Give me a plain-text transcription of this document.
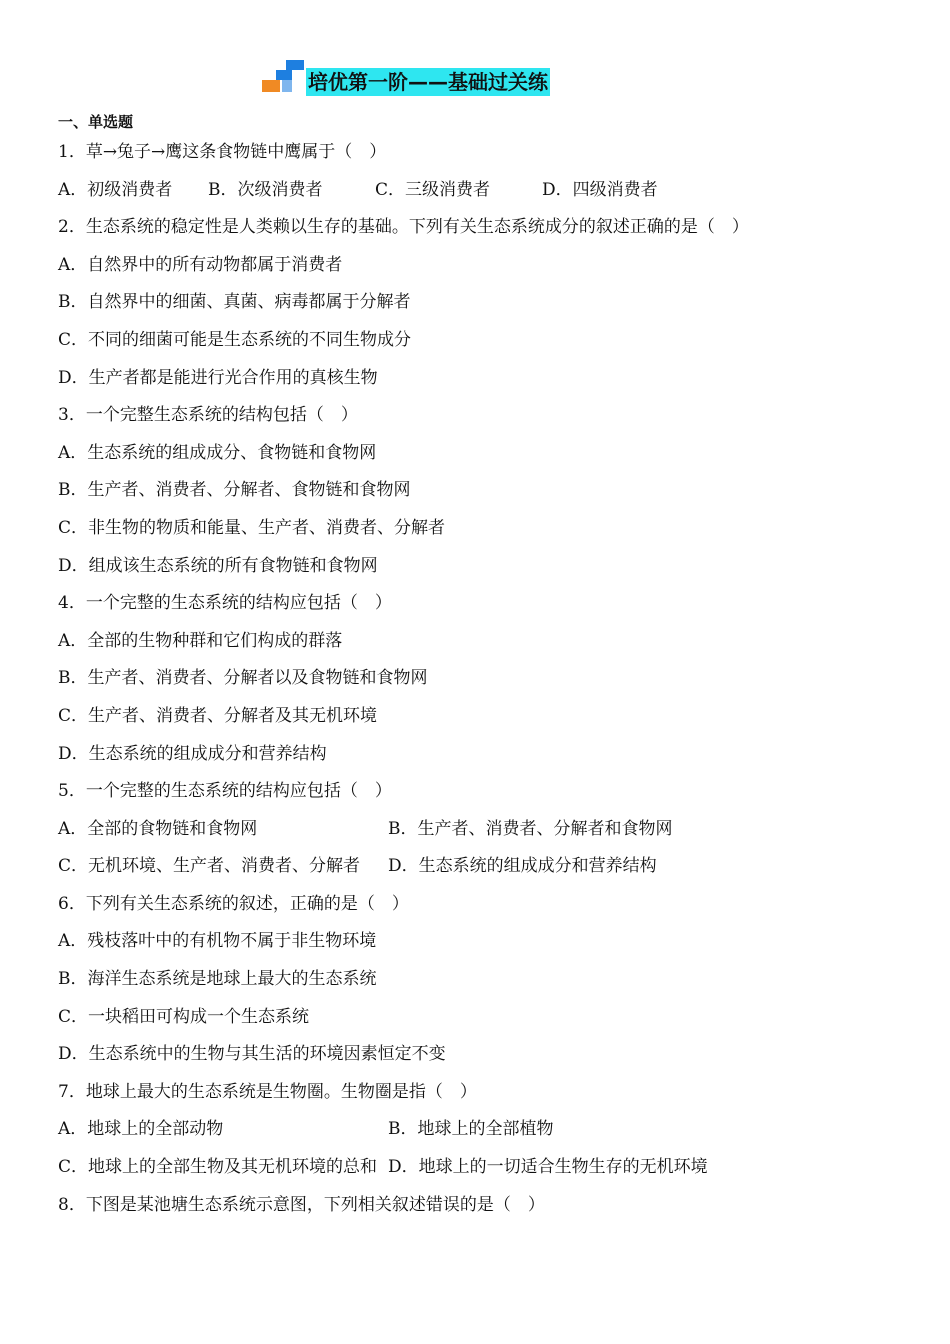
培优第一阶——基础过关练
一、单选题
1．草→兔子→鹰这条食物链中鹰属于（　）
A．初级消费者 B．次级消费者	C．三级消费者	D．四级消费者
2．生态系统的稳定性是人类赖以生存的基础。下列有关生态系统成分的叙述正确的是（　）
A．自然界中的所有动物都属于消费者
B．自然界中的细菌、真菌、病毒都属于分解者
C．不同的细菌可能是生态系统的不同生物成分
D．生产者都是能进行光合作用的真核生物
3．一个完整生态系统的结构包括（　）
A．生态系统的组成成分、食物链和食物网
B．生产者、消费者、分解者、食物链和食物网
C．非生物的物质和能量、生产者、消费者、分解者
D．组成该生态系统的所有食物链和食物网
4．一个完整的生态系统的结构应包括（　）
A．全部的生物种群和它们构成的群落
B．生产者、消费者、分解者以及食物链和食物网
C．生产者、消费者、分解者及其无机环境
D．生态系统的组成成分和营养结构
5．一个完整的生态系统的结构应包括（　）
A．全部的食物链和食物网	B．生产者、消费者、分解者和食物网
C．无机环境、生产者、消费者、分解者 D．生态系统的组成成分和营养结构
6．下列有关生态系统的叙述，正确的是（　）
A．残枝落叶中的有机物不属于非生物环境
B．海洋生态系统是地球上最大的生态系统
C．一块稻田可构成一个生态系统
D．生态系统中的生物与其生活的环境因素恒定不变
7．地球上最大的生态系统是生物圈。生物圈是指（　）
A．地球上的全部动物	B．地球上的全部植物
C．地球上的全部生物及其无机环境的总和 D．地球上的一切适合生物生存的无机环境
8．下图是某池塘生态系统示意图，下列相关叙述错误的是（　）
